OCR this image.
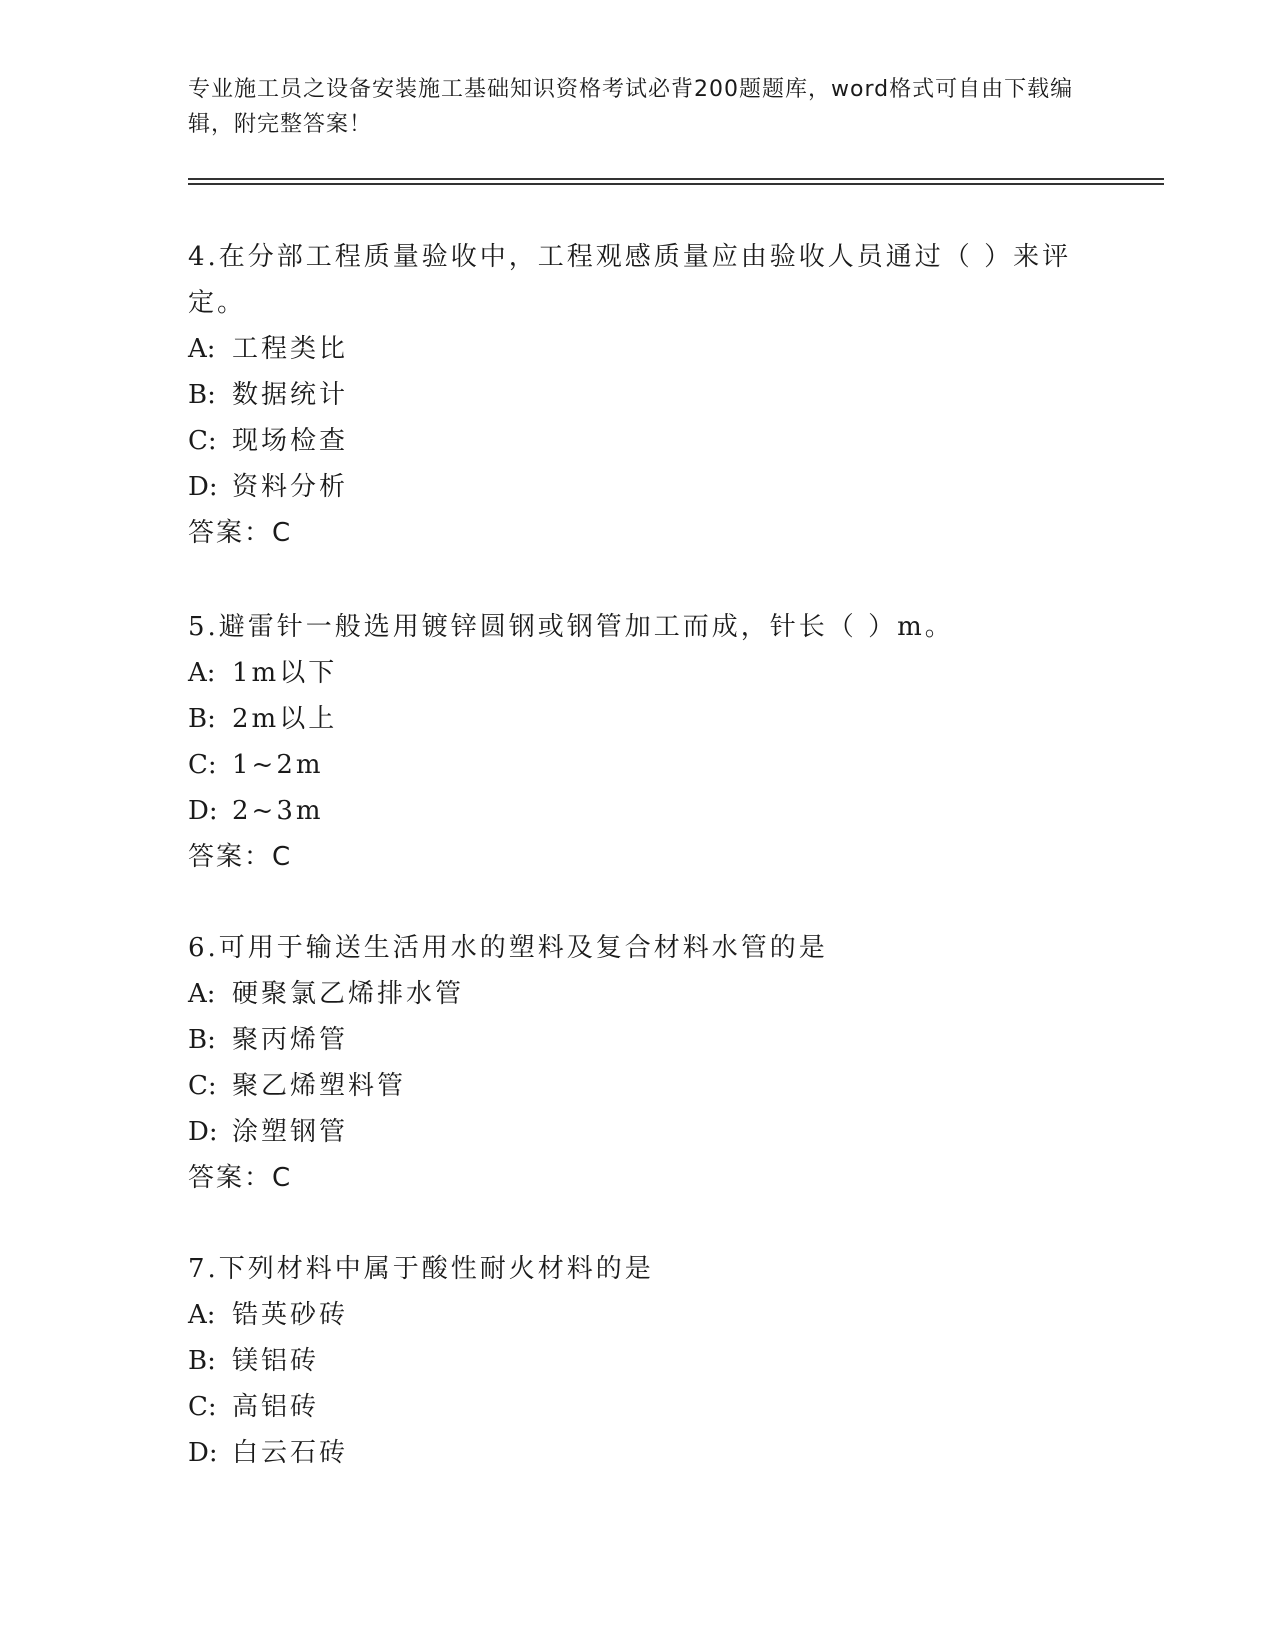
专业施工员之设备安装施工基础知识资格考试必背200题题库，word格式可自由下载编辑，附完整答案！

4.在分部工程质量验收中，工程观感质量应由验收人员通过（ ）来评定。

A: 工程类比

B: 数据统计

C: 现场检查

D: 资料分析

答案：C

5.避雷针一般选用镀锌圆钢或钢管加工而成，针长（ ）m。

A: 1m以下

B: 2m以上

C: 1~2m

D: 2~3m

答案：C

6.可用于输送生活用水的塑料及复合材料水管的是

A: 硬聚氯乙烯排水管

B: 聚丙烯管

C: 聚乙烯塑料管

D: 涂塑钢管

答案：C

7.下列材料中属于酸性耐火材料的是

A: 锆英砂砖

B: 镁铝砖

C: 高铝砖

D: 白云石砖
